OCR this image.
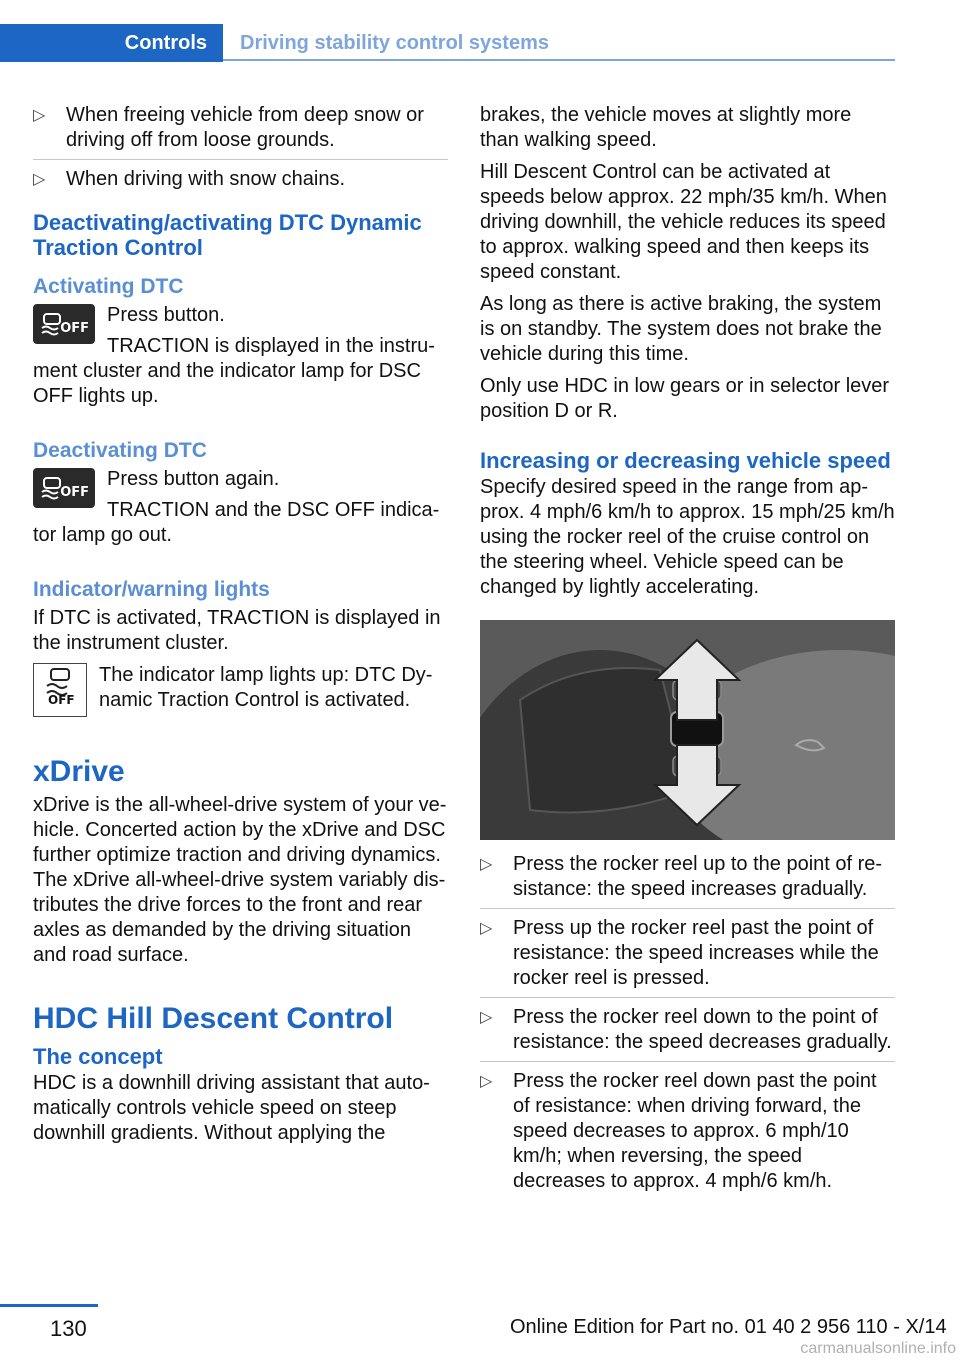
Controls	Driving stability control systems
▷ When freeing vehicle from deep snow or driving off from loose grounds.
▷ When driving with snow chains.
Deactivating/activating DTC Dynamic Traction Control
Activating DTC
OFF

Press button.

TRACTION is displayed in the instru‐ment cluster and the indicator lamp for DSC OFF lights up.

Deactivating DTC
OFF

Press button again.

TRACTION and the DSC OFF indica‐tor lamp go out.

Indicator/warning lights

If DTC is activated, TRACTION is displayed in the instrument cluster.

OFF

The indicator lamp lights up: DTC Dy‐namic Traction Control is activated.

xDrive

xDrive is the all-wheel-drive system of your ve‐hicle. Concerted action by the xDrive and DSC further optimize traction and driving dynamics. The xDrive all-wheel-drive system variably dis‐tributes the drive forces to the front and rear axles as demanded by the driving situation and road surface.

HDC Hill Descent Control
The concept

HDC is a downhill driving assistant that auto‐matically controls vehicle speed on steep downhill gradients. Without applying the

brakes, the vehicle moves at slightly more than walking speed.

Hill Descent Control can be activated at speeds below approx. 22 mph/35 km/h. When driving downhill, the vehicle reduces its speed to approx. walking speed and then keeps its speed constant.

As long as there is active braking, the system is on standby. The system does not brake the vehicle during this time.

Only use HDC in low gears or in selector lever position D or R.

Increasing or decreasing vehicle speed

Specify desired speed in the range from ap‐prox. 4 mph/6 km/h to approx. 15 mph/25 km/h using the rocker reel of the cruise control on the steering wheel. Vehicle speed can be changed by lightly accelerating.

▷ Press the rocker reel up to the point of re‐sistance: the speed increases gradually.
▷ Press up the rocker reel past the point of resistance: the speed increases while the rocker reel is pressed.
▷ Press the rocker reel down to the point of resistance: the speed decreases gradually.
▷ Press the rocker reel down past the point of resistance: when driving forward, the speed decreases to approx. 6 mph/10 km/h; when reversing, the speed decreases to approx. 4 mph/6 km/h.
130	Online Edition for Part no. 01 40 2 956 110 - X/14
carmanualsonline.info
